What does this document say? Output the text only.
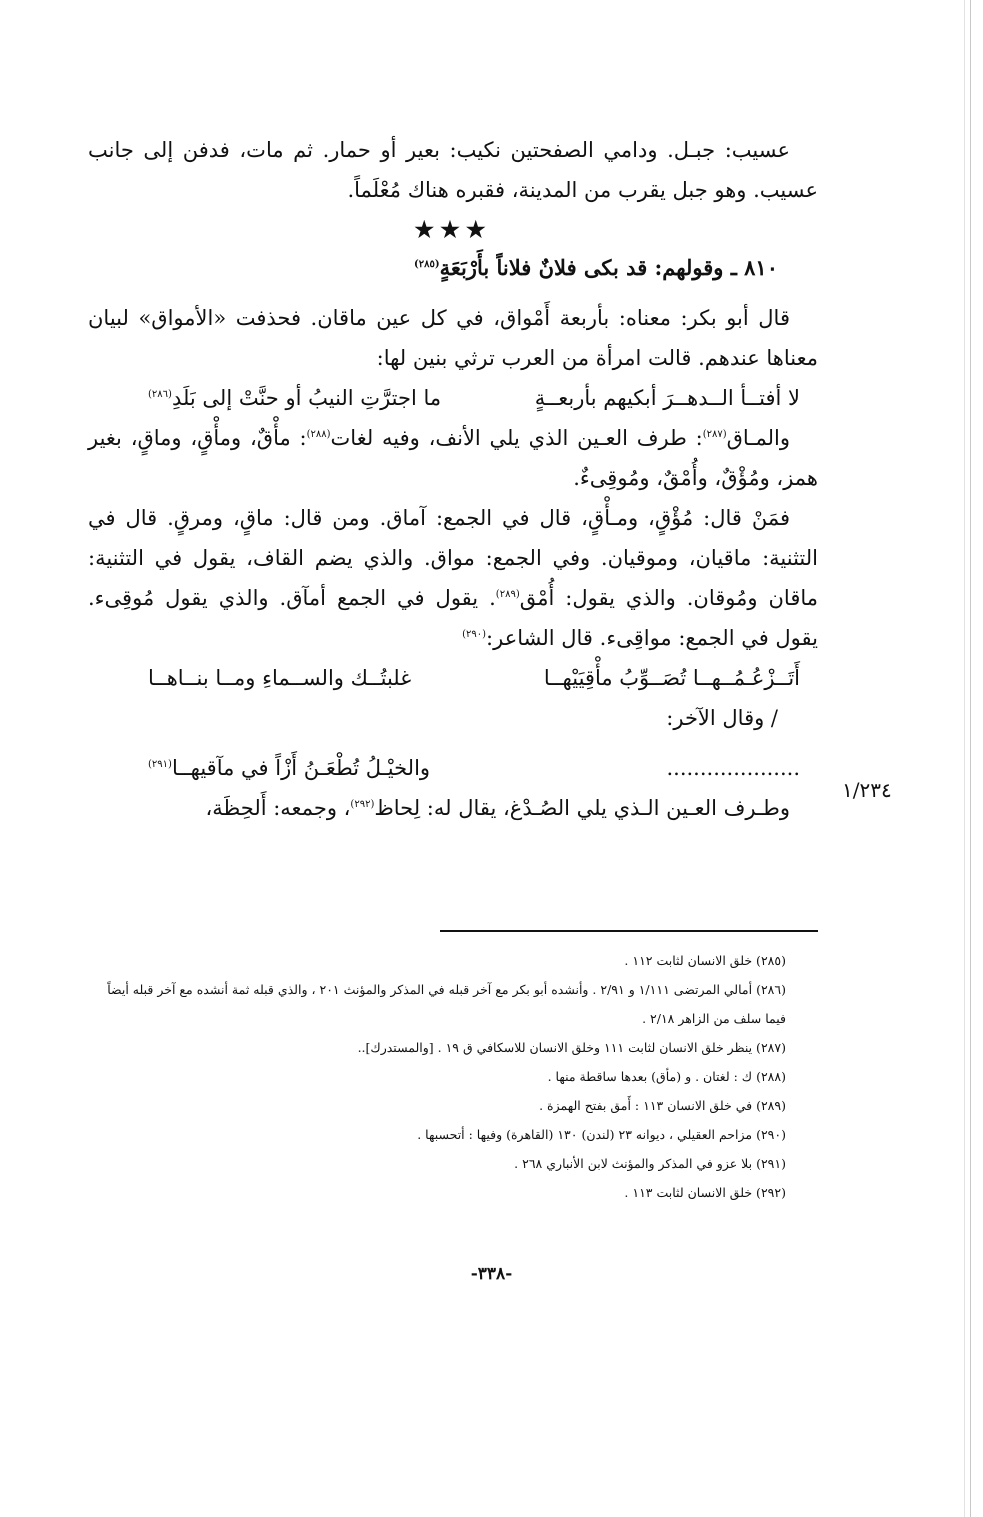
عسيب: جبـل. ودامي الصفحتين نكيب: بعير أو حمار. ثم مات، فدفن إلى جانب عسيب. وهو جبل يقرب من المدينة، فقبره هناك مُعْلَماً.

★★★
٨١٠ ـ وقولهم: قد بكى فلانٌ فلاناً بأَرْبَعَةٍ$^{(٢٨٥)}$

قال أبو بكر: معناه: بأربعة أَمْواق، في كل عين ماقان. فحذفت «الأمواق» لبيان معناها عندهم. قالت امرأة من العرب ترثي بنين لها:

لا أفتــأ الــدهــرَ أبكيهم بأربعــةٍ
ما اجترَّتِ النيبُ أو حنَّتْ إلى بَلَدِ$^{(٢٨٦)}$

والمـاق$^{(٢٨٧)}$: طرف العـين الذي يلي الأنف، وفيه لغات$^{(٢٨٨)}$: مأْقٌ، ومأْقٍ، وماقٍ، بغير همز، ومُؤْقٌ، وأُمْقٌ، ومُوقِىءٌ.

فمَنْ قال: مُؤْقٍ، ومـأْقٍ، قال في الجمع: آماق. ومن قال: ماقٍ، ومرقٍ. قال في التثنية: ماقيان، وموقيان. وفي الجمع: مواق. والذي يضم القاف، يقول في التثنية: ماقان ومُوقان. والذي يقول: أُمْق$^{(٢٨٩)}$. يقول في الجمع أمآق. والذي يقول مُوقِىء. يقول في الجمع: مواقِىء. قال الشاعر:$^{(٢٩٠)}$

أَتَــزْعُـمُــهــا تُصَــوِّبُ مأْقِيَيْهــا
غلبتُــك والســماءِ ومــا بنــاهــا

/ وقال الآخر:

....................
والخيْـلُ تُطْعَـنُ أَزْاً في مآقيهــا$^{(٢٩١)}$

وطـرف العـين الـذي يلي الصُـدْغ، يقال له: لِحاظ$^{(٢٩٢)}$، وجمعه: أَلحِظَة،

١/٢٣٤

(٢٨٥) خلق الانسان لثابت ١١٢ .

(٢٨٦) أمالي المرتضى ١/١١١ و ٢/٩١ . وأنشده أبو بكر مع آخر قبله في المذكر والمؤنث ٢٠١ ، والذي قبله ثمة أنشده مع آخر قبله أيضاً فيما سلف من الزاهر ٢/١٨ .

(٢٨٧) ينظر خلق الانسان لثابت ١١١ وخلق الانسان للاسكافي ق ١٩ . [والمستدرك]..

(٢٨٨) ك : لغتان . و (مأق) بعدها ساقطة منها .

(٢٨٩) في خلق الانسان ١١٣ : أَمق بفتح الهمزة .

(٢٩٠) مزاحم العقيلي ، ديوانه ٢٣ (لندن) ١٣٠ (القاهرة) وفيها : أتحسبها .

(٢٩١) بلا عزو في المذكر والمؤنث لابن الأنباري ٢٦٨ .

(٢٩٢) خلق الانسان لثابت ١١٣ .

-٣٣٨-
